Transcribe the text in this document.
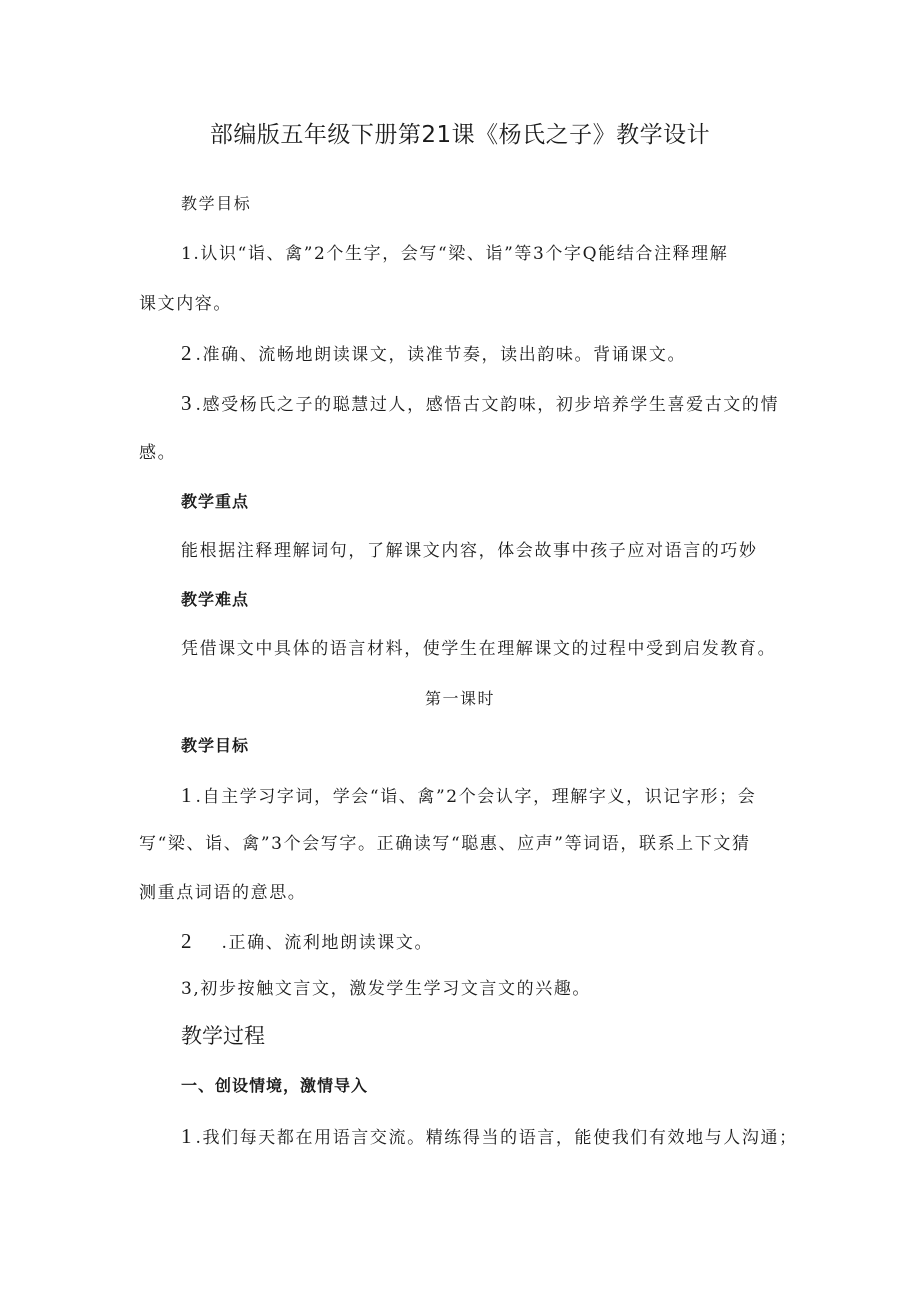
部编版五年级下册第21课《杨氏之子》教学设计
教学目标
1.认识“诣、禽”2个生字，会写“梁、诣”等3个字Q能结合注释理解
课文内容。
2 .准确、流畅地朗读课文，读准节奏，读出韵味。背诵课文。
3 .感受杨氏之子的聪慧过人，感悟古文韵味，初步培养学生喜爱古文的情
感。
教学重点
能根据注释理解词句，了解课文内容，体会故事中孩子应对语言的巧妙
教学难点
凭借课文中具体的语言材料，使学生在理解课文的过程中受到启发教育。
第一课时
教学目标
1 .自主学习字词，学会“诣、禽”2个会认字，理解字义，识记字形；会
写“梁、诣、禽”3个会写字。正确读写“聪惠、应声”等词语，联系上下文猜
测重点词语的意思。
2 .正确、流利地朗读课文。
3,初步按触文言文，激发学生学习文言文的兴趣。
教学过程
一、创设情境，激情导入
1 .我们每天都在用语言交流。精练得当的语言，能使我们有效地与人沟通；
